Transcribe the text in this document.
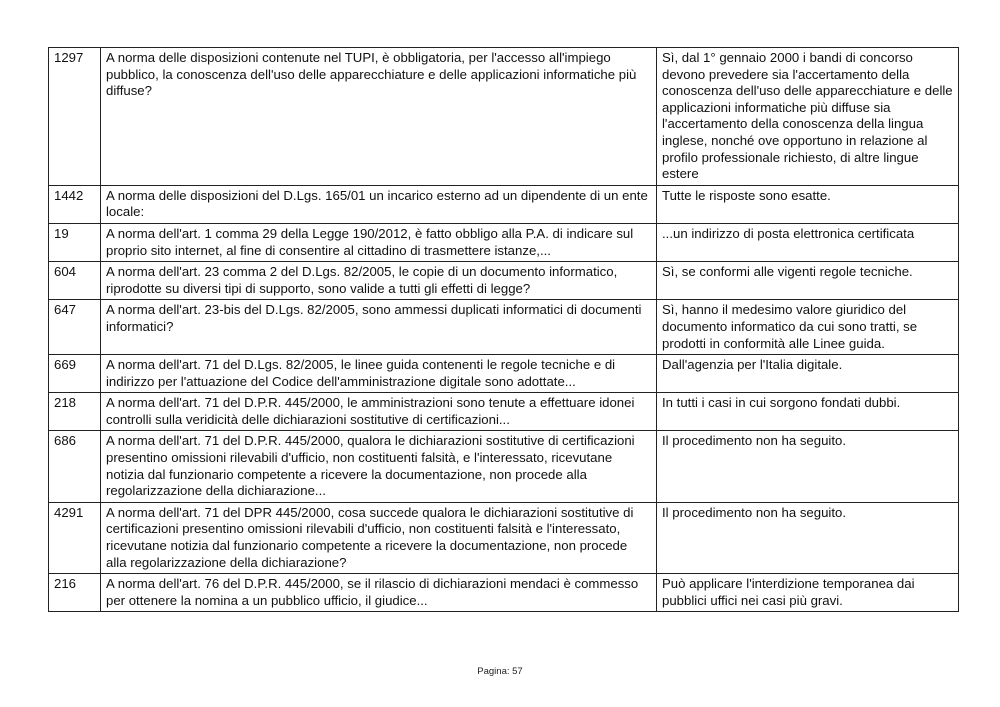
1297	A norma delle disposizioni contenute nel TUPI, è obbligatoria, per l'accesso all'impiego pubblico, la conoscenza dell'uso delle apparecchiature e delle applicazioni informatiche più diffuse?	Sì, dal 1° gennaio 2000 i bandi di concorso devono prevedere sia l'accertamento della conoscenza dell'uso delle apparecchiature e delle applicazioni informatiche più diffuse sia l'accertamento della conoscenza della lingua inglese, nonché ove opportuno in relazione al profilo professionale richiesto, di altre lingue estere
1442	A norma delle disposizioni del D.Lgs. 165/01 un incarico esterno ad un dipendente di un ente locale:	Tutte le risposte sono esatte.
19	A norma dell'art. 1 comma 29 della Legge 190/2012, è fatto obbligo alla P.A. di indicare sul proprio sito internet, al fine di consentire al cittadino di trasmettere istanze,...	...un indirizzo di posta elettronica certificata
604	A norma dell'art. 23 comma 2 del D.Lgs. 82/2005, le copie di un documento informatico, riprodotte su diversi tipi di supporto, sono valide a tutti gli effetti di legge?	Sì, se conformi alle vigenti regole tecniche.
647	A norma dell'art. 23-bis del D.Lgs. 82/2005, sono ammessi duplicati informatici di documenti informatici?	Sì, hanno il medesimo valore giuridico del documento informatico da cui sono tratti, se prodotti in conformità alle Linee guida.
669	A norma dell'art. 71 del D.Lgs. 82/2005, le linee guida contenenti le regole tecniche e di indirizzo per l'attuazione del Codice dell'amministrazione digitale sono adottate...	Dall'agenzia per l'Italia digitale.
218	A norma dell'art. 71 del D.P.R. 445/2000, le amministrazioni sono tenute a effettuare idonei controlli sulla veridicità delle dichiarazioni sostitutive di certificazioni...	In tutti i casi in cui sorgono fondati dubbi.
686	A norma dell'art. 71 del D.P.R. 445/2000, qualora le dichiarazioni sostitutive di certificazioni presentino omissioni rilevabili d'ufficio, non costituenti falsità, e l'interessato, ricevutane notizia dal funzionario competente a ricevere la documentazione, non procede alla regolarizzazione della dichiarazione...	Il procedimento non ha seguito.
4291	A norma dell'art. 71 del DPR 445/2000, cosa succede qualora le dichiarazioni sostitutive di certificazioni presentino omissioni rilevabili d'ufficio, non costituenti falsità e l'interessato, ricevutane notizia dal funzionario competente a ricevere la documentazione, non procede alla regolarizzazione della dichiarazione?	Il procedimento non ha seguito.
216	A norma dell'art. 76 del D.P.R. 445/2000, se il rilascio di dichiarazioni mendaci è commesso per ottenere la nomina a un pubblico ufficio, il giudice...	Può applicare l'interdizione temporanea dai pubblici uffici nei casi più gravi.
Pagina: 57
